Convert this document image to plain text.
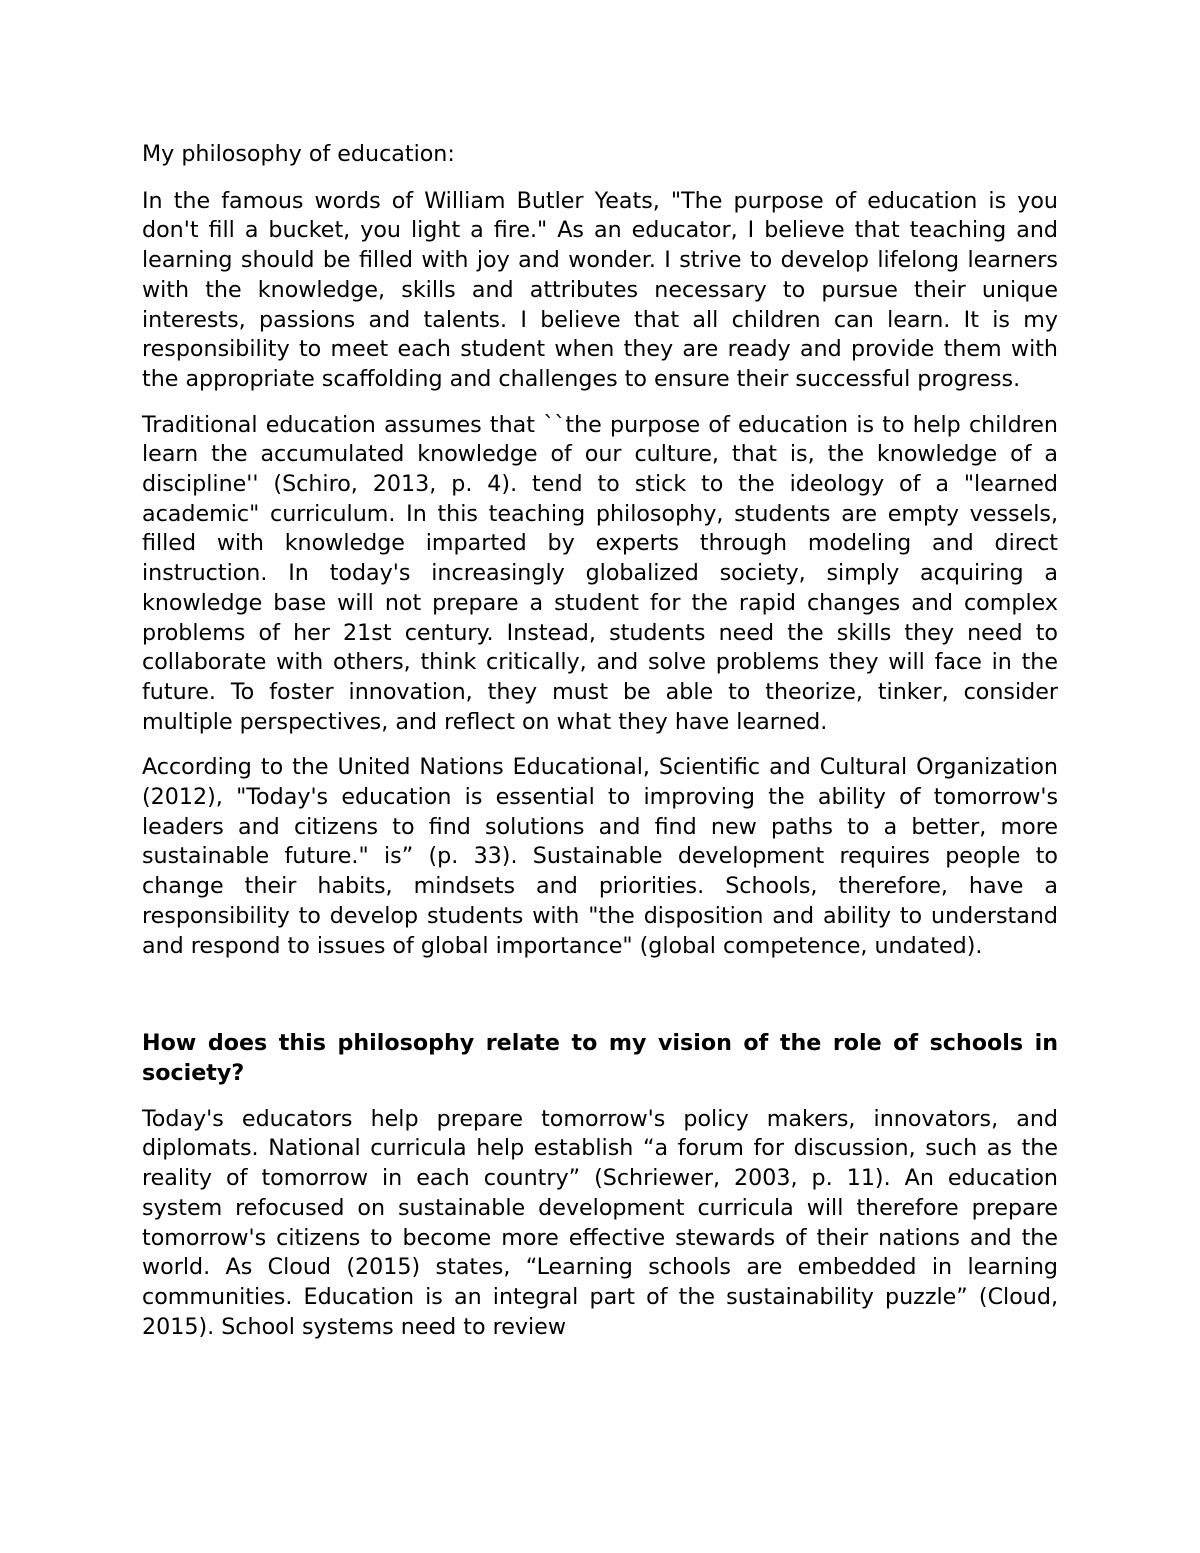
My philosophy of education:

In the famous words of William Butler Yeats, "The purpose of education is you don't fill a bucket, you light a fire." As an educator, I believe that teaching and learning should be filled with joy and wonder. I strive to develop lifelong learners with the knowledge, skills and attributes necessary to pursue their unique interests, passions and talents. I believe that all children can learn. It is my responsibility to meet each student when they are ready and provide them with the appropriate scaffolding and challenges to ensure their successful progress.

Traditional education assumes that ``the purpose of education is to help children learn the accumulated knowledge of our culture, that is, the knowledge of a discipline'' (Schiro, 2013, p. 4). tend to stick to the ideology of a "learned academic" curriculum. In this teaching philosophy, students are empty vessels, filled with knowledge imparted by experts through modeling and direct instruction. In today's increasingly globalized society, simply acquiring a knowledge base will not prepare a student for the rapid changes and complex problems of her 21st century. Instead, students need the skills they need to collaborate with others, think critically, and solve problems they will face in the future. To foster innovation, they must be able to theorize, tinker, consider multiple perspectives, and reflect on what they have learned.

According to the United Nations Educational, Scientific and Cultural Organization (2012), "Today's education is essential to improving the ability of tomorrow's leaders and citizens to find solutions and find new paths to a better, more sustainable future." is” (p. 33). Sustainable development requires people to change their habits, mindsets and priorities. Schools, therefore, have a responsibility to develop students with "the disposition and ability to understand and respond to issues of global importance" (global competence, undated).

How does this philosophy relate to my vision of the role of schools in society?

Today's educators help prepare tomorrow's policy makers, innovators, and diplomats. National curricula help establish “a forum for discussion, such as the reality of tomorrow in each country” (Schriewer, 2003, p. 11). An education system refocused on sustainable development curricula will therefore prepare tomorrow's citizens to become more effective stewards of their nations and the world. As Cloud (2015) states, “Learning schools are embedded in learning communities. Education is an integral part of the sustainability puzzle” (Cloud, 2015). School systems need to review
